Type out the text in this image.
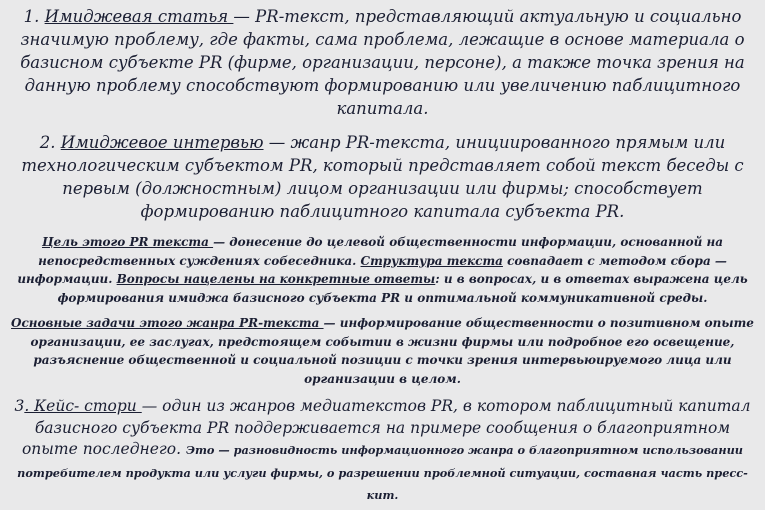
1. Имиджевая статья — PR-текст, представляющий актуальную и социально значимую проблему, где факты, сама проблема, лежащие в основе материала о базисном субъекте PR (фирме, организации, персоне), а также точка зрения на данную проблему способствуют формированию или увеличению паблицитного капитала.
2. Имиджевое интервью — жанр PR-текста, инициированного прямым или технологическим субъектом PR, который представляет собой текст беседы с первым (должностным) лицом организации или фирмы; способствует формированию паблицитного капитала субъекта PR.
Цель этого PR текста — донесение до целевой общественности информации, основанной на непосредственных суждениях собеседника. Структура текста совпадает с методом сбора — информации. Вопросы нацелены на конкретные ответы: и в вопросах, и в ответах выражена цель формирования имиджа базисного субъекта PR и оптимальной коммуникативной среды.
Основные задачи этого жанра PR-текста — информирование общественности о позитивном опыте организации, ее заслугах, предстоящем событии в жизни фирмы или подробное его освещение, разъяснение общественной и социальной позиции с точки зрения интервьюируемого лица или организации в целом.
3. Кейс- стори — один из жанров медиатекстов PR, в котором паблицитный капитал базисного субъекта PR поддерживается на примере сообщения о благоприятном опыте последнего. Это — разновидность информационного жанра о благоприятном использовании потребителем продукта или услуги фирмы, о разрешении проблемной ситуации, составная часть пресс-кит.
